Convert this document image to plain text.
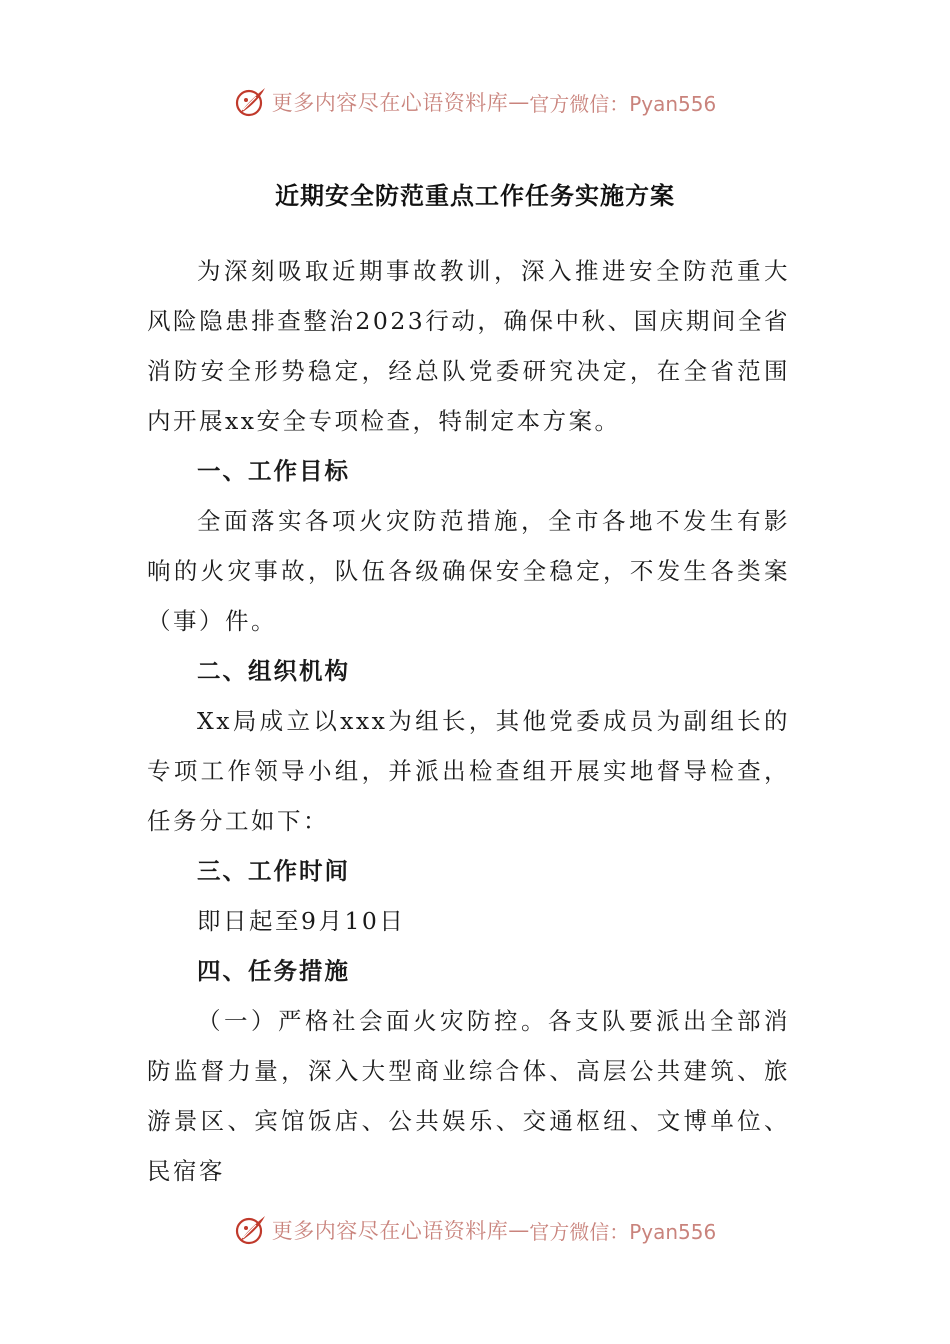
更多内容尽在心语资料库 — 官方微信：Pyan556
近期安全防范重点工作任务实施方案

为深刻吸取近期事故教训，深入推进安全防范重大风险隐患排查整治2023行动，确保中秋、国庆期间全省消防安全形势稳定，经总队党委研究决定，在全省范围内开展xx安全专项检查，特制定本方案。

一、工作目标

全面落实各项火灾防范措施，全市各地不发生有影响的火灾事故，队伍各级确保安全稳定，不发生各类案（事）件。

二、组织机构

Xx局成立以xxx为组长，其他党委成员为副组长的专项工作领导小组，并派出检查组开展实地督导检查，任务分工如下：

三、工作时间

即日起至9月10日

四、任务措施

（一）严格社会面火灾防控。各支队要派出全部消防监督力量，深入大型商业综合体、高层公共建筑、旅游景区、宾馆饭店、公共娱乐、交通枢纽、文博单位、民宿客

更多内容尽在心语资料库 — 官方微信：Pyan556
